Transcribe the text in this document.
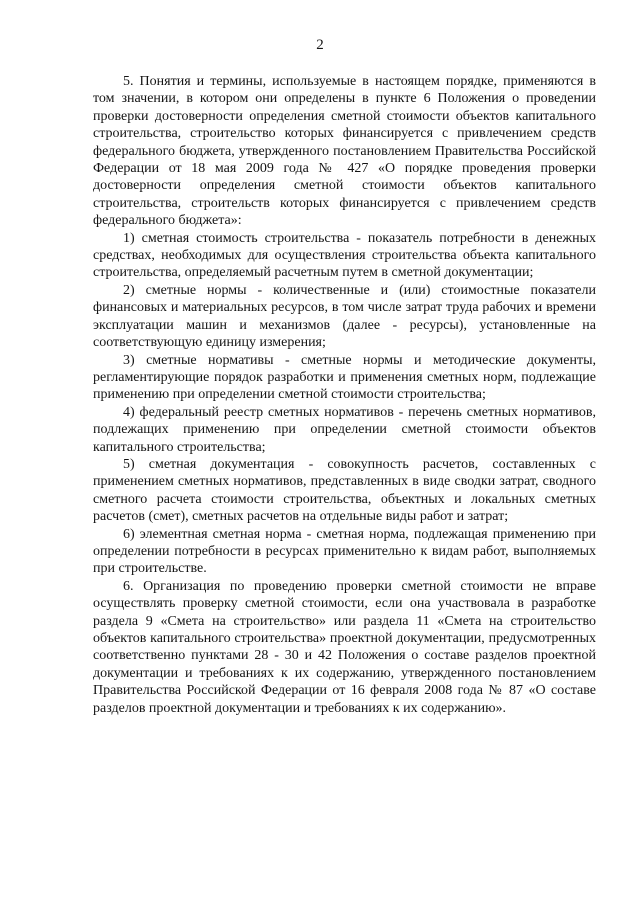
2

5. Понятия и термины, используемые в настоящем порядке, применяются в том значении, в котором они определены в пункте 6 Положения о проведении проверки достоверности определения сметной стоимости объектов капитального строительства, строительство которых финансируется с привлечением средств федерального бюджета, утвержденного постановлением Правительства Российской Федерации от 18 мая 2009 года № 427 «О порядке проведения проверки достоверности определения сметной стоимости объектов капитального строительства, строительств которых финансируется с привлечением средств федерального бюджета»:

1) сметная стоимость строительства - показатель потребности в денежных средствах, необходимых для осуществления строительства объекта капитального строительства, определяемый расчетным путем в сметной документации;

2) сметные нормы - количественные и (или) стоимостные показатели финансовых и материальных ресурсов, в том числе затрат труда рабочих и времени эксплуатации машин и механизмов (далее - ресурсы), установленные на соответствующую единицу измерения;

3) сметные нормативы - сметные нормы и методические документы, регламентирующие порядок разработки и применения сметных норм, подлежащие применению при определении сметной стоимости строительства;

4) федеральный реестр сметных нормативов - перечень сметных нормативов, подлежащих применению при определении сметной стоимости объектов капитального строительства;

5) сметная документация - совокупность расчетов, составленных с применением сметных нормативов, представленных в виде сводки затрат, сводного сметного расчета стоимости строительства, объектных и локальных сметных расчетов (смет), сметных расчетов на отдельные виды работ и затрат;

6) элементная сметная норма - сметная норма, подлежащая применению при определении потребности в ресурсах применительно к видам работ, выполняемых при строительстве.

6. Организация по проведению проверки сметной стоимости не вправе осуществлять проверку сметной стоимости, если она участвовала в разработке раздела 9 «Смета на строительство» или раздела 11 «Смета на строительство объектов капитального строительства» проектной документации, предусмотренных соответственно пунктами 28 - 30 и 42 Положения о составе разделов проектной документации и требованиях к их содержанию, утвержденного постановлением Правительства Российской Федерации от 16 февраля 2008 года № 87 «О составе разделов проектной документации и требованиях к их содержанию».
